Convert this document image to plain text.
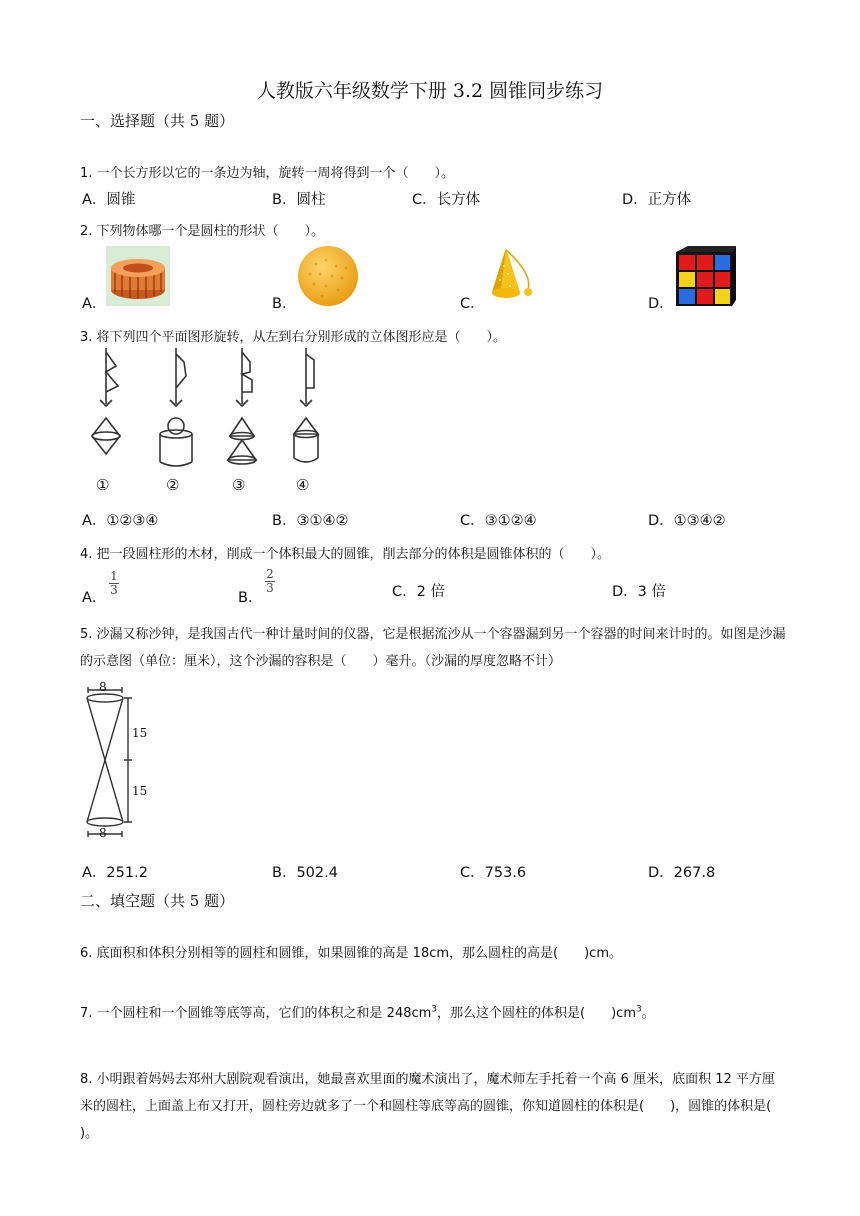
人教版六年级数学下册 3.2 圆锥同步练习
一、选择题（共 5 题）
1. 一个长方形以它的一条边为轴，旋转一周将得到一个（　　）。
A．圆锥	B．圆柱	C．长方体	D．正方体
2. 下列物体哪一个是圆柱的形状（　　）。
A．	B．	C．	D．
3. 将下列四个平面图形旋转，从左到右分别形成的立体图形应是（　　）。
①	②	③	④
A．①②③④	B．③①④②	C．③①②④	D．①③④②
4. 把一段圆柱形的木材，削成一个体积最大的圆锥，削去部分的体积是圆锥体积的（　　）。
A．
1
3	B．
2
3	C．2 倍	D．3 倍
5. 沙漏又称沙钟，是我国古代一种计量时间的仪器，它是根据流沙从一个容器漏到另一个容器的时间来计时的。如图是沙漏的示意图（单位：厘米），这个沙漏的容积是（　　）毫升。（沙漏的厚度忽略不计）
8
15
15
8
A．251.2	B．502.4	C．753.6	D．267.8
二、填空题（共 5 题）
6. 底面积和体积分别相等的圆柱和圆锥，如果圆锥的高是 18cm，那么圆柱的高是(　　)cm。
7. 一个圆柱和一个圆锥等底等高，它们的体积之和是 $248cm^3$，那么这个圆柱的体积是(　　)$cm^3$。
8. 小明跟着妈妈去郑州大剧院观看演出，她最喜欢里面的魔术演出了，魔术师左手托着一个高 6 厘米，底面积 12 平方厘米的圆柱，上面盖上布又打开，圆柱旁边就多了一个和圆柱等底等高的圆锥，你知道圆柱的体积是(　　)，圆锥的体积是(　　)。
